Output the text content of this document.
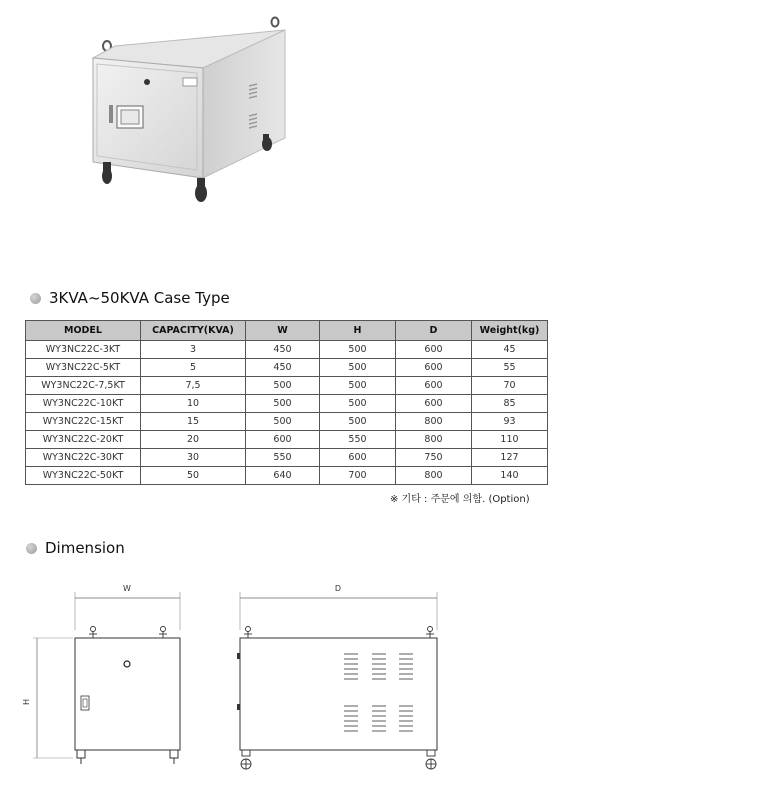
3KVA~50KVA Case Type
MODEL	CAPACITY(KVA)	W	H	D	Weight(kg)
WY3NC22C-3KT	3	450	500	600	45
WY3NC22C-5KT	5	450	500	600	55
WY3NC22C-7,5KT	7,5	500	500	600	70
WY3NC22C-10KT	10	500	500	600	85
WY3NC22C-15KT	15	500	500	800	93
WY3NC22C-20KT	20	600	550	800	110
WY3NC22C-30KT	30	550	600	750	127
WY3NC22C-50KT	50	640	700	800	140
※ 기타 : 주문에 의함. (Option)
Dimension
W
H
D
